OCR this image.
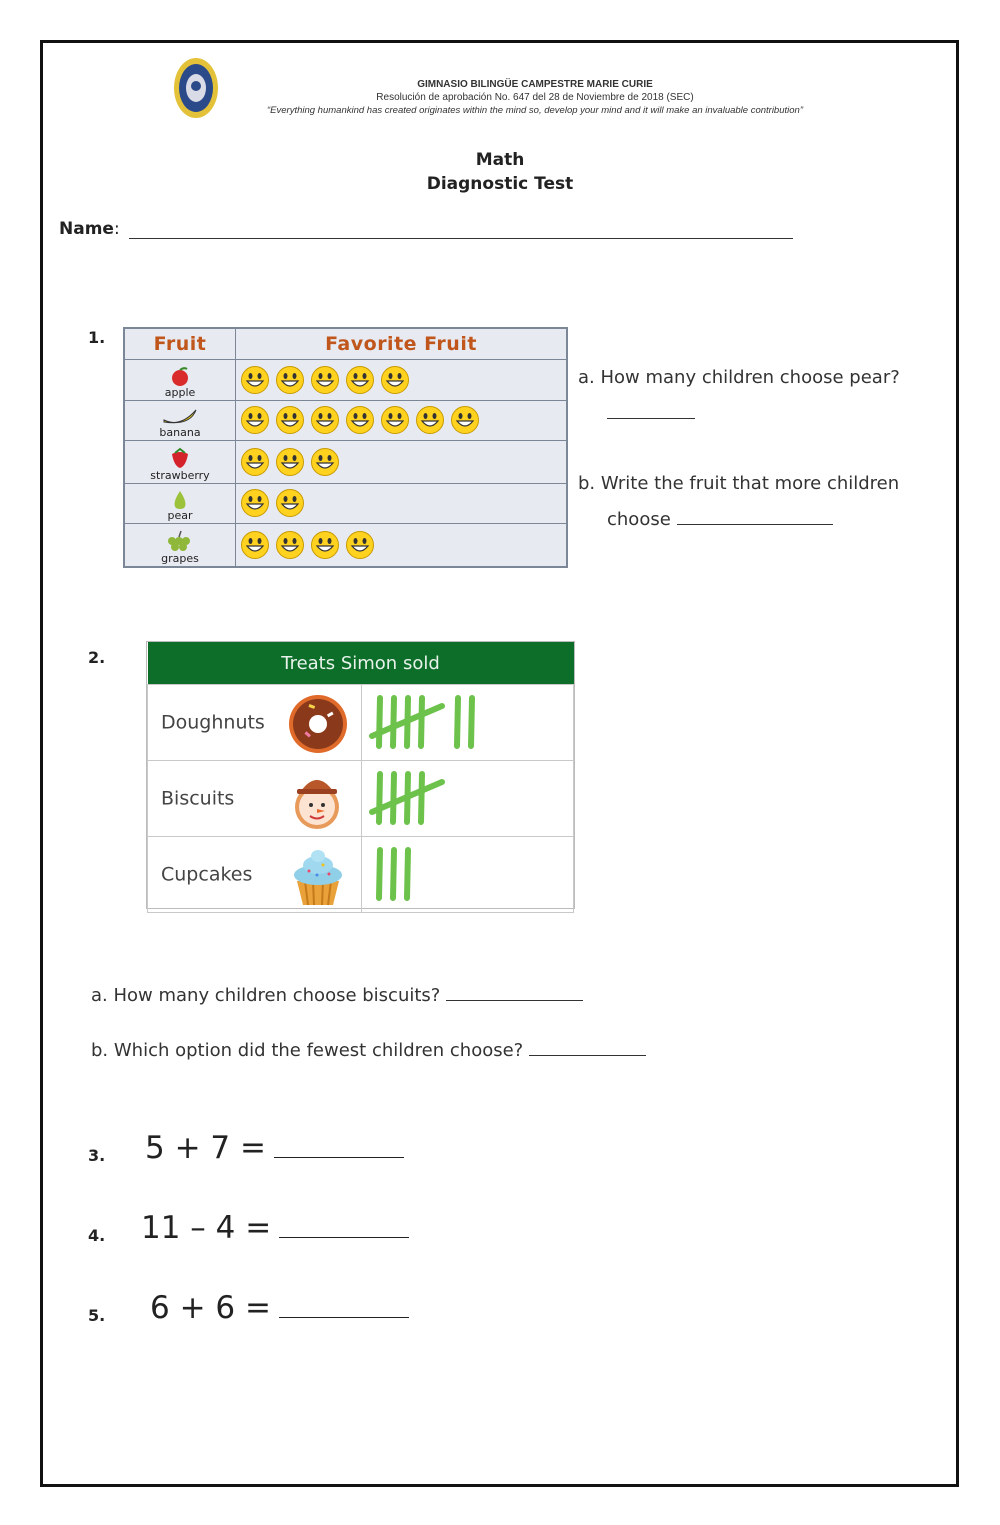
GIMNASIO BILINGÜE CAMPESTRE MARIE CURIE
Resolución de aprobación No. 647 del 28 de Noviembre de 2018 (SEC)
“Everything humankind has created originates within the mind so, develop your mind and it will make an invaluable contribution”
Math
Diagnostic Test
Name:
1.	Fruit	Favorite Fruit

apple	

banana	

strawberry	

pear	

grapes	
a. How many children choose pear?
b. Write the fruit that more children
choose
2.	Treats Simon sold	
Doughnuts

Biscuits

Cupcakes

a. How many children choose biscuits?
b. Which option did the fewest children choose?
3. 5 + 7 =
4. 11 – 4 =
5. 6 + 6 =
